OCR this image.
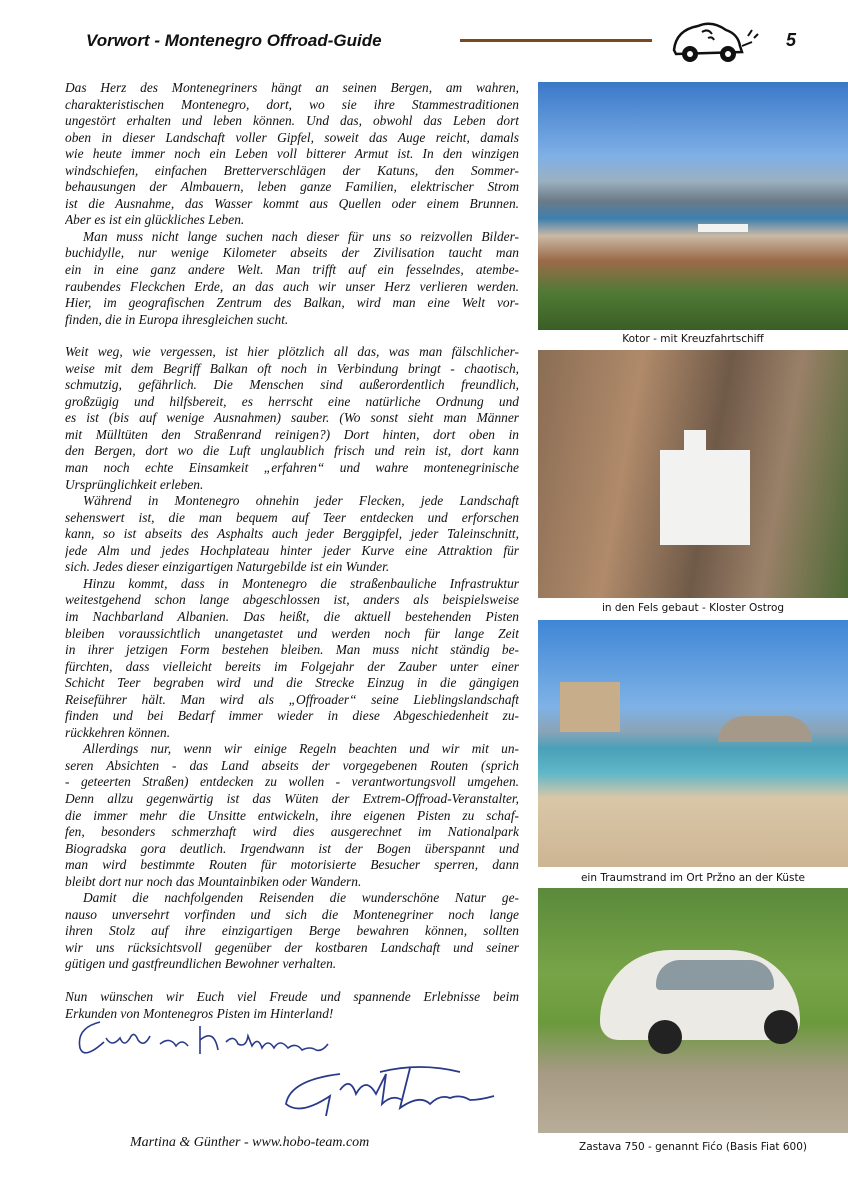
Vorwort - Montenegro Offroad-Guide	5
Das Herz des Montenegriners hängt an seinen Bergen, am wahren,
charakteristischen Montenegro, dort, wo sie ihre Stammestraditionen
ungestört erhalten und leben können. Und das, obwohl das Leben dort
oben in dieser Landschaft voller Gipfel, soweit das Auge reicht, damals
wie heute immer noch ein Leben voll bitterer Armut ist. In den winzigen
windschiefen, einfachen Bretterverschlägen der Katuns, den Sommer-
behausungen der Almbauern, leben ganze Familien, elektrischer Strom
ist die Ausnahme, das Wasser kommt aus Quellen oder einem Brunnen.
Aber es ist ein glückliches Leben.
Man muss nicht lange suchen nach dieser für uns so reizvollen Bilder-
buchidylle, nur wenige Kilometer abseits der Zivilisation taucht man
ein in eine ganz andere Welt. Man trifft auf ein fesselndes, atembe-
raubendes Fleckchen Erde, an das auch wir unser Herz verlieren werden.
Hier, im geografischen Zentrum des Balkan, wird man eine Welt vor-
finden, die in Europa ihresgleichen sucht.
Weit weg, wie vergessen, ist hier plötzlich all das, was man fälschlicher-
weise mit dem Begriff Balkan oft noch in Verbindung bringt - chaotisch,
schmutzig, gefährlich. Die Menschen sind außerordentlich freundlich,
großzügig und hilfsbereit, es herrscht eine natürliche Ordnung und
es ist (bis auf wenige Ausnahmen) sauber. (Wo sonst sieht man Männer
mit Mülltüten den Straßenrand reinigen?) Dort hinten, dort oben in
den Bergen, dort wo die Luft unglaublich frisch und rein ist, dort kann
man noch echte Einsamkeit „erfahren“ und wahre montenegrinische
Ursprünglichkeit erleben.
Während in Montenegro ohnehin jeder Flecken, jede Landschaft
sehenswert ist, die man bequem auf Teer entdecken und erforschen
kann, so ist abseits des Asphalts auch jeder Berggipfel, jeder Taleinschnitt,
jede Alm und jedes Hochplateau hinter jeder Kurve eine Attraktion für
sich. Jedes dieser einzigartigen Naturgebilde ist ein Wunder.
Hinzu kommt, dass in Montenegro die straßenbauliche Infrastruktur
weitestgehend schon lange abgeschlossen ist, anders als beispielsweise
im Nachbarland Albanien. Das heißt, die aktuell bestehenden Pisten
bleiben voraussichtlich unangetastet und werden noch für lange Zeit
in ihrer jetzigen Form bestehen bleiben. Man muss nicht ständig be-
fürchten, dass vielleicht bereits im Folgejahr der Zauber unter einer
Schicht Teer begraben wird und die Strecke Einzug in die gängigen
Reiseführer hält. Man wird als „Offroader“ seine Lieblingslandschaft
finden und bei Bedarf immer wieder in diese Abgeschiedenheit zu-
rückkehren können.
Allerdings nur, wenn wir einige Regeln beachten und wir mit un-
seren Absichten - das Land abseits der vorgegebenen Routen (sprich
- geteerten Straßen) entdecken zu wollen - verantwortungsvoll umgehen.
Denn allzu gegenwärtig ist das Wüten der Extrem-Offroad-Veranstalter,
die immer mehr die Unsitte entwickeln, ihre eigenen Pisten zu schaf-
fen, besonders schmerzhaft wird dies ausgerechnet im Nationalpark
Biogradska gora deutlich. Irgendwann ist der Bogen überspannt und
man wird bestimmte Routen für motorisierte Besucher sperren, dann
bleibt dort nur noch das Mountainbiken oder Wandern.
Damit die nachfolgenden Reisenden die wunderschöne Natur ge-
nauso unversehrt vorfinden und sich die Montenegriner noch lange
ihren Stolz auf ihre einzigartigen Berge bewahren können, sollten
wir uns rücksichtsvoll gegenüber der kostbaren Landschaft und seiner
gütigen und gastfreundlichen Bewohner verhalten.
Nun wünschen wir Euch viel Freude und spannende Erlebnisse beim
Erkunden von Montenegros Pisten im Hinterland!
Martina & Günther - www.hobo-team.com
Kotor - mit Kreuzfahrtschiff
in den Fels gebaut - Kloster Ostrog
ein Traumstrand im Ort Pržno an der Küste
Zastava 750 - genannt Fićo (Basis Fiat 600)
